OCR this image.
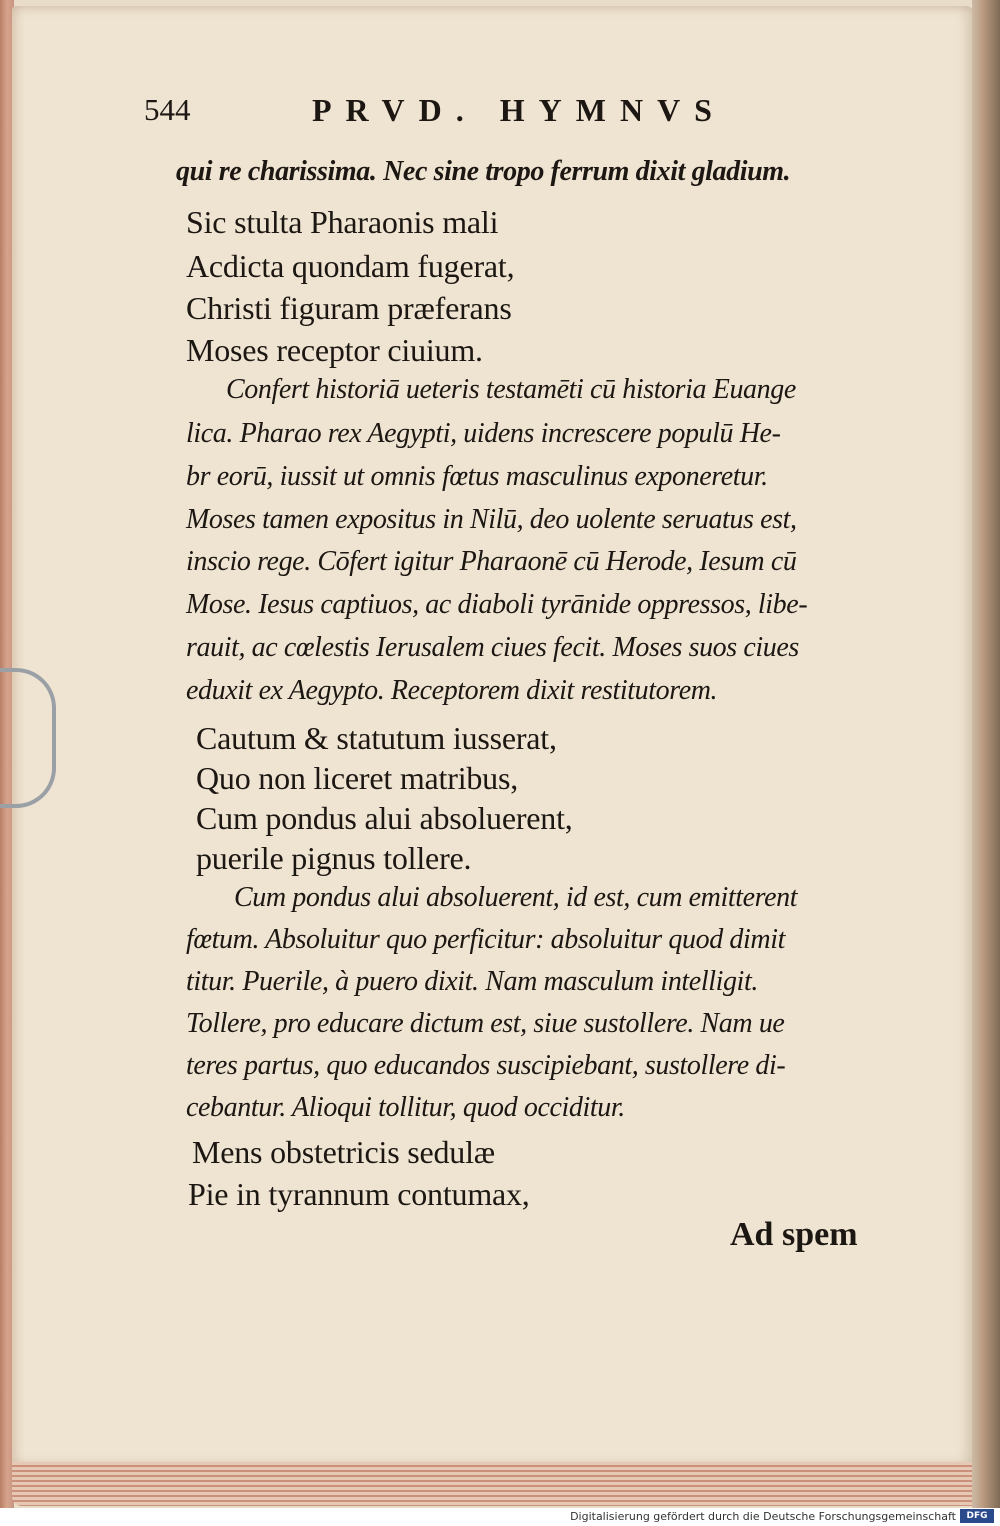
544	PRVD. HYMNVS
qui re charissima. Nec sine tropo ferrum dixit gladium.
Sic stulta Pharaonis mali
Acdicta quondam fugerat,
Christi figuram præferans
Moses receptor ciuium.
Confert historiā ueteris testamēti cū historia Euange
lica. Pharao rex Aegypti, uidens increscere populū He-
br eorū, iussit ut omnis fœtus masculinus exponeretur.
Moses tamen expositus in Nilū, deo uolente seruatus est,
inscio rege. Cōfert igitur Pharaonē cū Herode, Iesum cū
Mose. Iesus captiuos, ac diaboli tyrānide oppressos, libe-
rauit, ac cœlestis Ierusalem ciues fecit. Moses suos ciues
eduxit ex Aegypto. Receptorem dixit restitutorem.
Cautum & statutum iusserat,
Quo non liceret matribus,
Cum pondus alui absoluerent,
puerile pignus tollere.
Cum pondus alui absoluerent, id est, cum emitterent
fœtum. Absoluitur quo perficitur: absoluitur quod dimit
titur. Puerile, à puero dixit. Nam masculum intelligit.
Tollere, pro educare dictum est, siue sustollere. Nam ue
teres partus, quo educandos suscipiebant, sustollere di-
cebantur. Alioqui tollitur, quod occiditur.
Mens obstetricis sedulæ
Pie in tyrannum contumax,
Ad spem
Digitalisierung gefördert durch die Deutsche Forschungsgemeinschaft	DFG
